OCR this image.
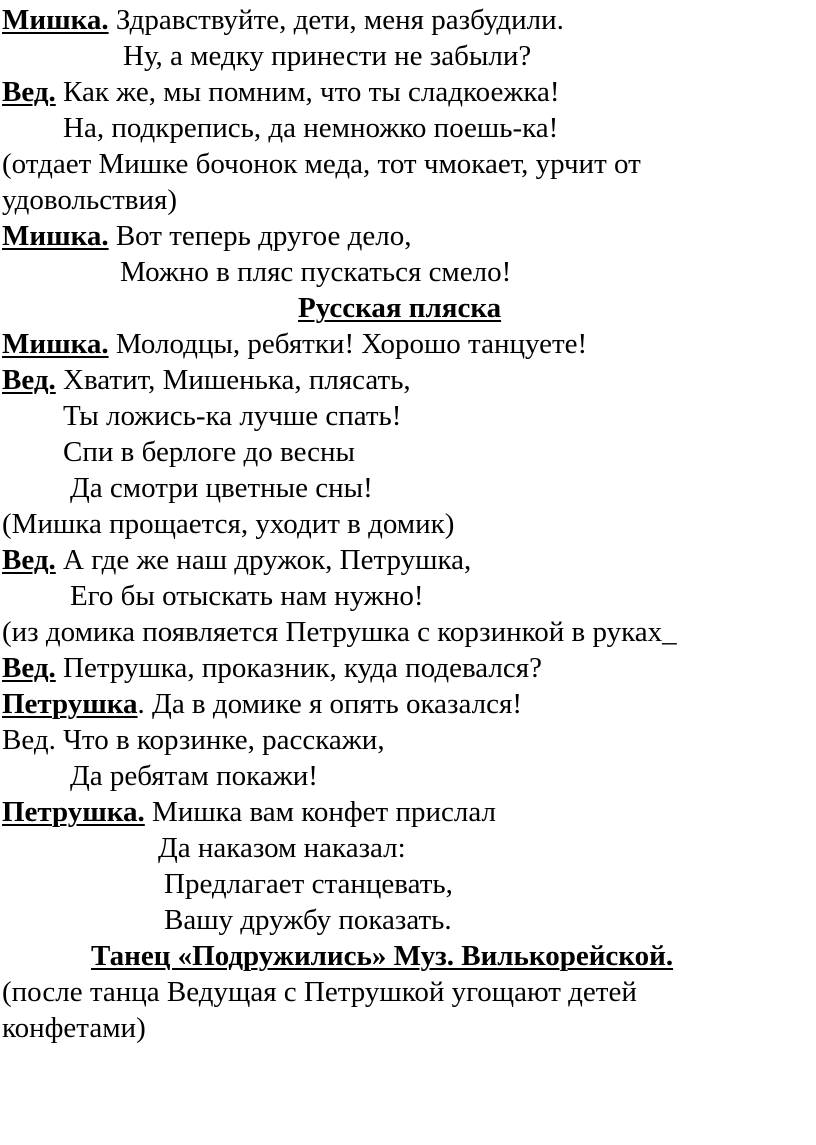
Мишка. Здравствуйте, дети, меня разбудили.
Ну, а медку принести не забыли?
Вед. Как же, мы помним, что ты сладкоежка!
На, подкрепись, да немножко поешь-ка!
(отдает Мишке бочонок меда, тот чмокает, урчит от
удовольствия)
Мишка. Вот теперь другое дело,
Можно в пляс пускаться смело!
Русская пляска
Мишка. Молодцы, ребятки! Хорошо танцуете!
Вед. Хватит, Мишенька, плясать,
Ты ложись-ка лучше спать!
Спи в берлоге до весны
Да смотри цветные сны!
(Мишка прощается, уходит в домик)
Вед. А где же наш дружок, Петрушка,
Его бы отыскать нам нужно!
(из домика появляется Петрушка с корзинкой в руках_
Вед. Петрушка, проказник, куда подевался?
Петрушка. Да в домике я опять оказался!
Вед. Что в корзинке, расскажи,
Да ребятам покажи!
Петрушка. Мишка вам конфет прислал
Да наказом наказал:
Предлагает станцевать,
Вашу дружбу показать.
Танец «Подружились» Муз. Вилькорейской.
(после танца Ведущая с Петрушкой угощают детей
конфетами)
